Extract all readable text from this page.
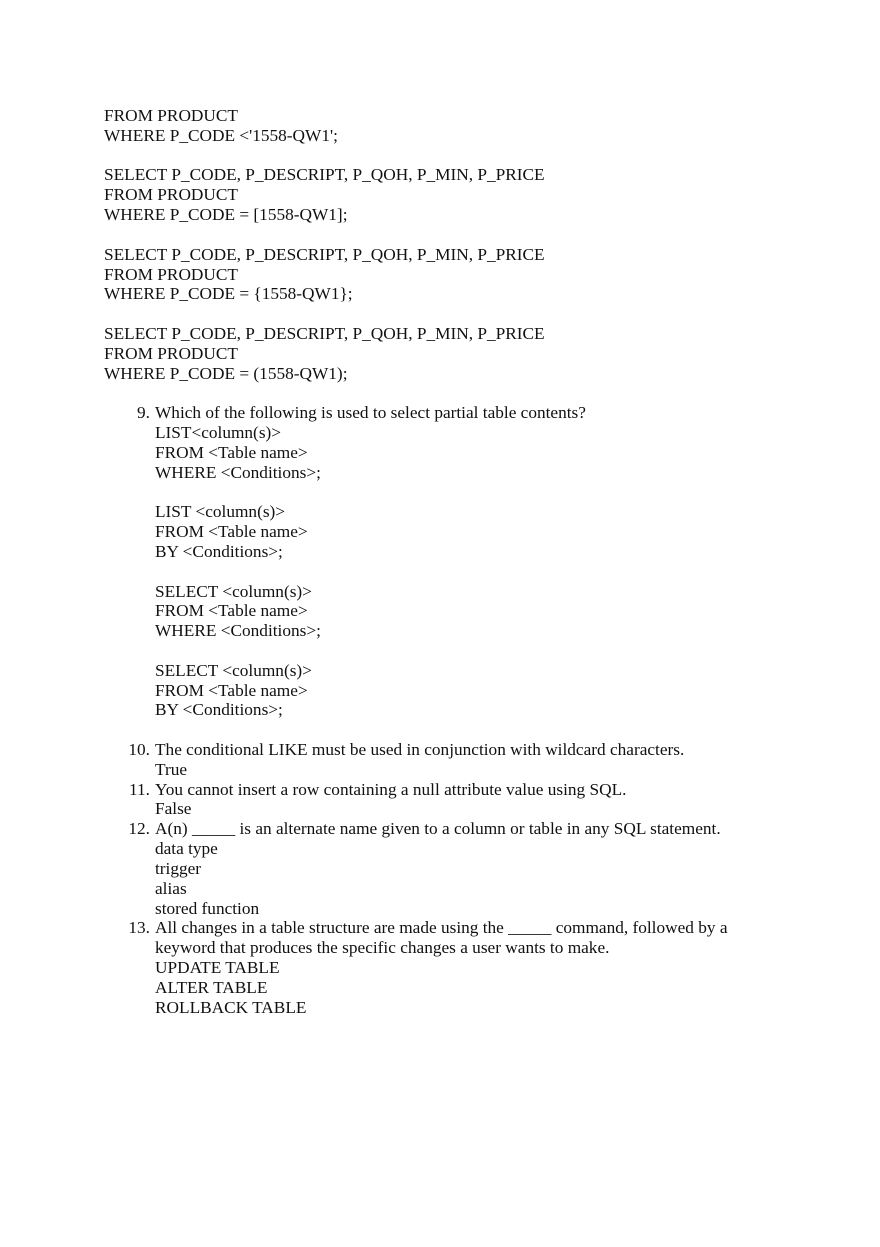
FROM PRODUCT
WHERE P_CODE <'1558-QW1';
SELECT P_CODE, P_DESCRIPT, P_QOH, P_MIN, P_PRICE
FROM PRODUCT
WHERE P_CODE = [1558-QW1];
SELECT P_CODE, P_DESCRIPT, P_QOH, P_MIN, P_PRICE
FROM PRODUCT
WHERE P_CODE = {1558-QW1};
SELECT P_CODE, P_DESCRIPT, P_QOH, P_MIN, P_PRICE
FROM PRODUCT
WHERE P_CODE = (1558-QW1);
9. Which of the following is used to select partial table contents?
LIST<column(s)>
FROM <Table name>
WHERE <Conditions>;
LIST <column(s)>
FROM <Table name>
BY <Conditions>;
SELECT <column(s)>
FROM <Table name>
WHERE <Conditions>;
SELECT <column(s)>
FROM <Table name>
BY <Conditions>;
10. The conditional LIKE must be used in conjunction with wildcard characters.
True
11. You cannot insert a row containing a null attribute value using SQL.
False
12. A(n) _____ is an alternate name given to a column or table in any SQL statement.
data type
trigger
alias
stored function
13. All changes in a table structure are made using the _____ command, followed by a
keyword that produces the specific changes a user wants to make.
UPDATE TABLE
ALTER TABLE
ROLLBACK TABLE
